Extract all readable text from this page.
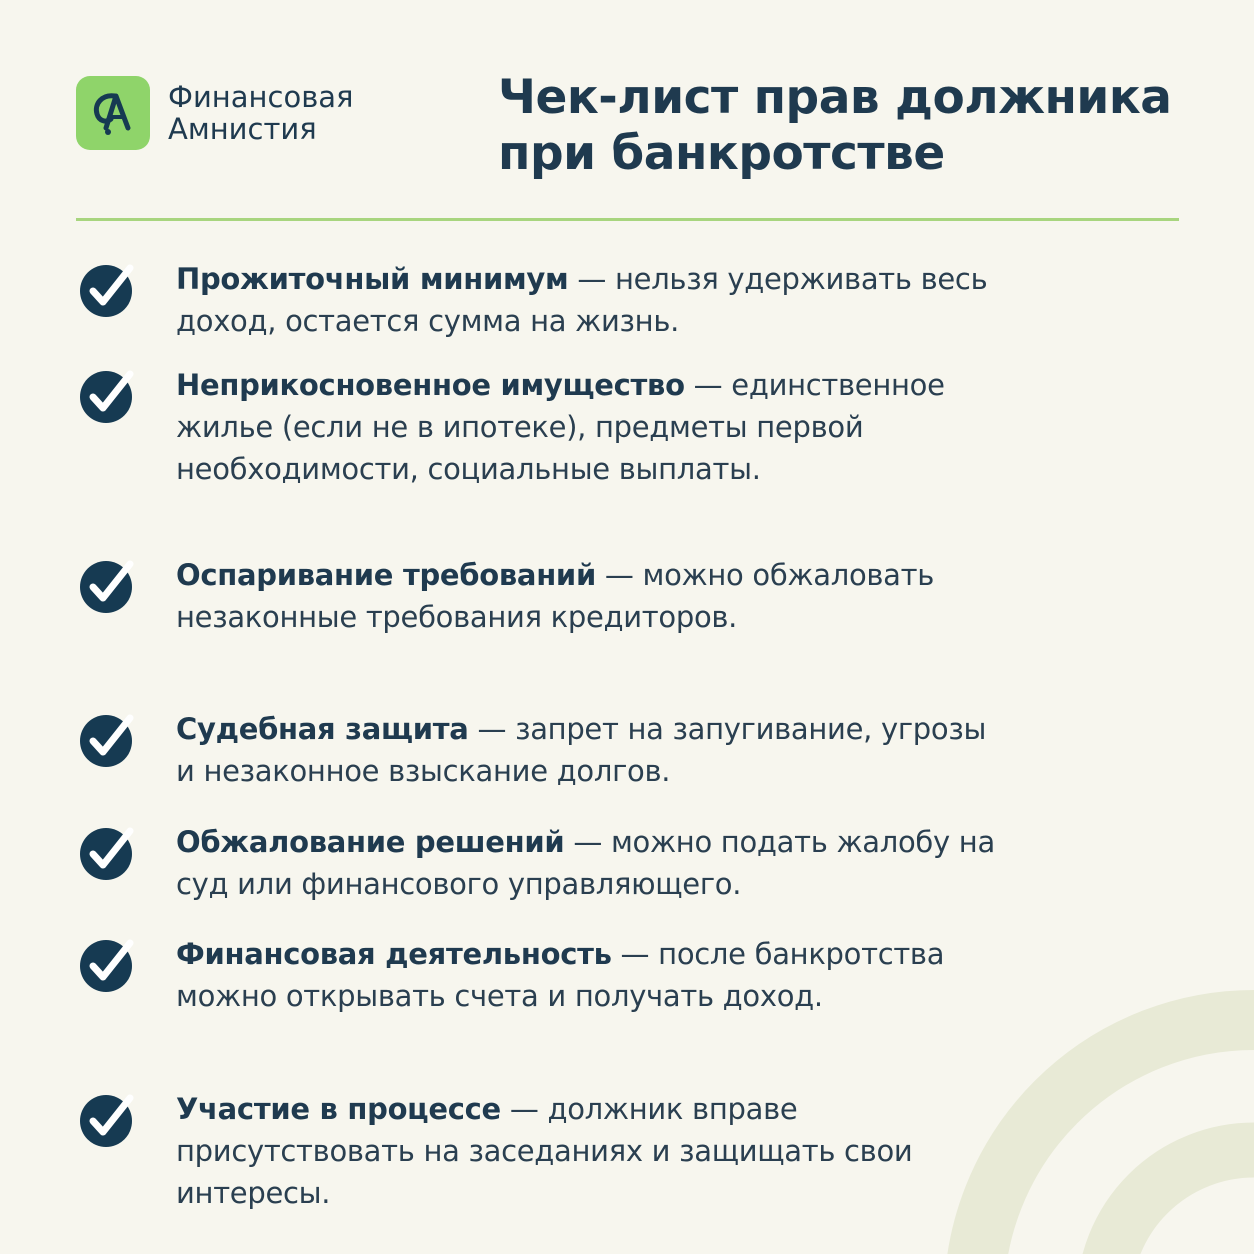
Финансовая
Амнистия
Чек-лист прав должника
при банкротстве
Прожиточный минимум — нельзя удерживать весь доход, остается сумма на жизнь.
Неприкосновенное имущество — единственное жилье (если не в ипотеке), предметы первой необходимости, социальные выплаты.
Оспаривание требований — можно обжаловать незаконные требования кредиторов.
Судебная защита — запрет на запугивание, угрозы и незаконное взыскание долгов.
Обжалование решений — можно подать жалобу на суд или финансового управляющего.
Финансовая деятельность — после банкротства можно открывать счета и получать доход.
Участие в процессе — должник вправе присутствовать на заседаниях и защищать свои интересы.
